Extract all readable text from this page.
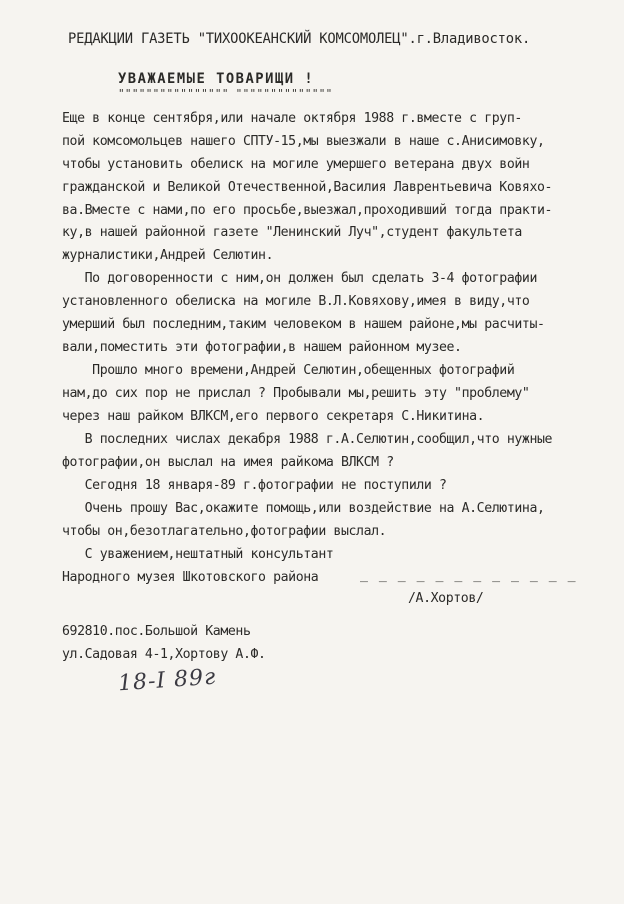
РЕДАКЦИИ ГАЗЕТЬ "ТИХООКЕАНСКИЙ КОМСОМОЛЕЦ".г.Владивосток.
УВАЖАЕМЫЕ ТОВАРИЩИ !
"""""""""""""""" """"""""""""""
Еще в конце сентября,или начале октября 1988 г.вместе с груп-
пой комсомольцев нашего СПТУ-15,мы выезжали в наше с.Анисимовку,
чтобы установить обелиск на могиле умершего ветерана двух войн
гражданской и Великой Отечественной,Василия Лаврентьевича Ковяхо-
ва.Вместе с нами,по его просьбе,выезжал,проходивший тогда практи-
ку,в нашей районной газете "Ленинский Луч",студент факультета
журналистики,Андрей Селютин.
По договоренности с ним,он должен был сделать 3-4 фотографии
установленного обелиска на могиле В.Л.Ковяхову,имея в виду,что
умерший был последним,таким человеком в нашем районе,мы расчиты-
вали,поместить эти фотографии,в нашем районном музее.
Прошло много времени,Андрей Селютин,обещенных фотографий
нам,до сих пор не прислал ? Пробывали мы,решить эту "проблему"
через наш райком ВЛКСМ,его первого секретаря С.Никитина.
В последних числах декабря 1988 г.А.Селютин,сообщил,что нужные
фотографии,он выслал на имея райкома ВЛКСМ ?
Сегодня 18 января-89 г.фотографии не поступили ?
Очень прошу Вас,окажите помощь,или воздействие на А.Селютина,
чтобы он,безотлагательно,фотографии выслал.
С уважением,нештатный консультант
Народного музея Шкотовского района	_ _ _ _ _ _ _ _ _ _ _ _
/А.Хортов/
692810.пос.Большой Камень
ул.Садовая 4-1,Хортову А.Ф.
18-I 89г
